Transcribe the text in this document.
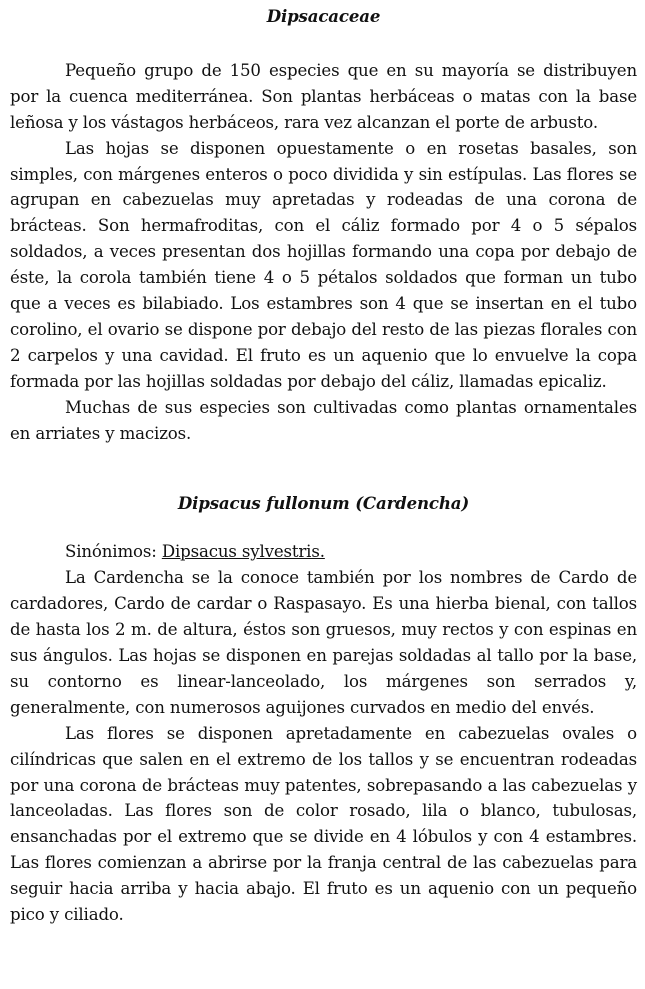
Dipsacaceae

Pequeño grupo de 150 especies que en su mayoría se distribuyen por la cuenca mediterránea. Son plantas herbáceas o matas con la base leñosa y los vástagos herbáceos, rara vez alcanzan el porte de arbusto.

Las hojas se disponen opuestamente o en rosetas basales, son simples, con márgenes enteros o poco dividida y sin estípulas. Las flores se agrupan en cabezuelas muy apretadas y rodeadas de una corona de brácteas. Son hermafroditas, con el cáliz formado por 4 o 5 sépalos soldados, a veces presentan dos hojillas formando una copa por debajo de éste, la corola también tiene 4 o 5 pétalos soldados que forman un tubo que a veces es bilabiado. Los estambres son 4 que se insertan en el tubo corolino, el ovario se dispone por debajo del resto de las piezas florales con 2 carpelos y una cavidad. El fruto es un aquenio que lo envuelve la copa formada por las hojillas soldadas por debajo del cáliz, llamadas epicaliz.

Muchas de sus especies son cultivadas como plantas ornamentales en arriates y macizos.

Dipsacus fullonum (Cardencha)

Sinónimos: Dipsacus sylvestris.

La Cardencha se la conoce también por los nombres de Cardo de cardadores, Cardo de cardar o Raspasayo. Es una hierba bienal, con tallos de hasta los 2 m. de altura, éstos son gruesos, muy rectos y con espinas en sus ángulos. Las hojas se disponen en parejas soldadas al tallo por la base, su contorno es linear-lanceolado, los márgenes son serrados y, generalmente, con numerosos aguijones curvados en medio del envés.

Las flores se disponen apretadamente en cabezuelas ovales o cilíndricas que salen en el extremo de los tallos y se encuentran rodeadas por una corona de brácteas muy patentes, sobrepasando a las cabezuelas y lanceoladas. Las flores son de color rosado, lila o blanco, tubulosas, ensanchadas por el extremo que se divide en 4 lóbulos y con 4 estambres. Las flores comienzan a abrirse por la franja central de las cabezuelas para seguir hacia arriba y hacia abajo. El fruto es un aquenio con un pequeño pico y ciliado.
